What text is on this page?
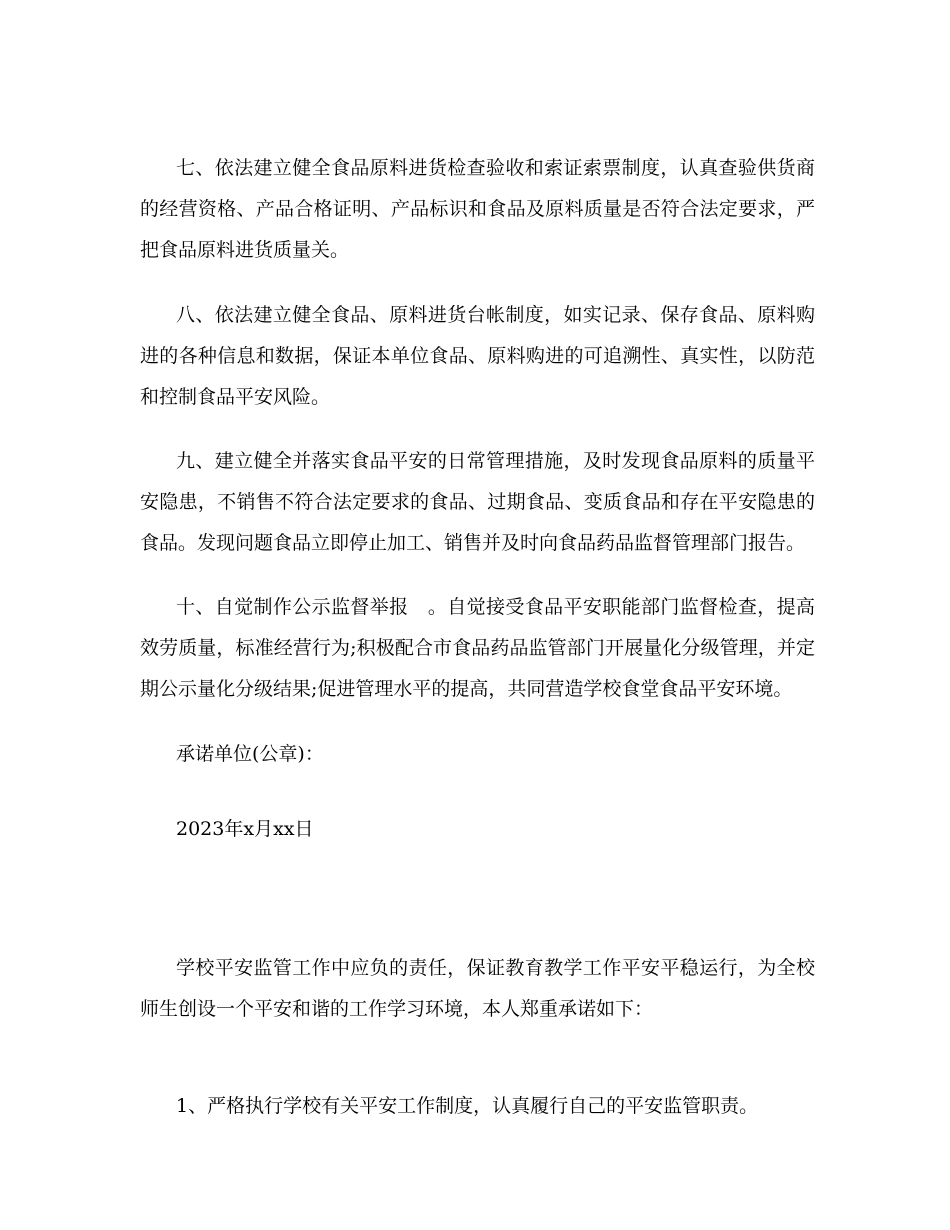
七、依法建立健全食品原料进货检查验收和索证索票制度，认真查验供货商的经营资格、产品合格证明、产品标识和食品及原料质量是否符合法定要求，严把食品原料进货质量关。

八、依法建立健全食品、原料进货台帐制度，如实记录、保存食品、原料购进的各种信息和数据，保证本单位食品、原料购进的可追溯性、真实性，以防范和控制食品平安风险。

九、建立健全并落实食品平安的日常管理措施，及时发现食品原料的质量平安隐患，不销售不符合法定要求的食品、过期食品、变质食品和存在平安隐患的食品。发现问题食品立即停止加工、销售并及时向食品药品监督管理部门报告。

十、自觉制作公示监督举报　。自觉接受食品平安职能部门监督检查，提高效劳质量，标准经营行为;积极配合市食品药品监管部门开展量化分级管理，并定期公示量化分级结果;促进管理水平的提高，共同营造学校食堂食品平安环境。

承诺单位(公章)：

2023年x月xx日

学校平安监管工作中应负的责任，保证教育教学工作平安平稳运行，为全校师生创设一个平安和谐的工作学习环境，本人郑重承诺如下：

1、严格执行学校有关平安工作制度，认真履行自己的平安监管职责。
